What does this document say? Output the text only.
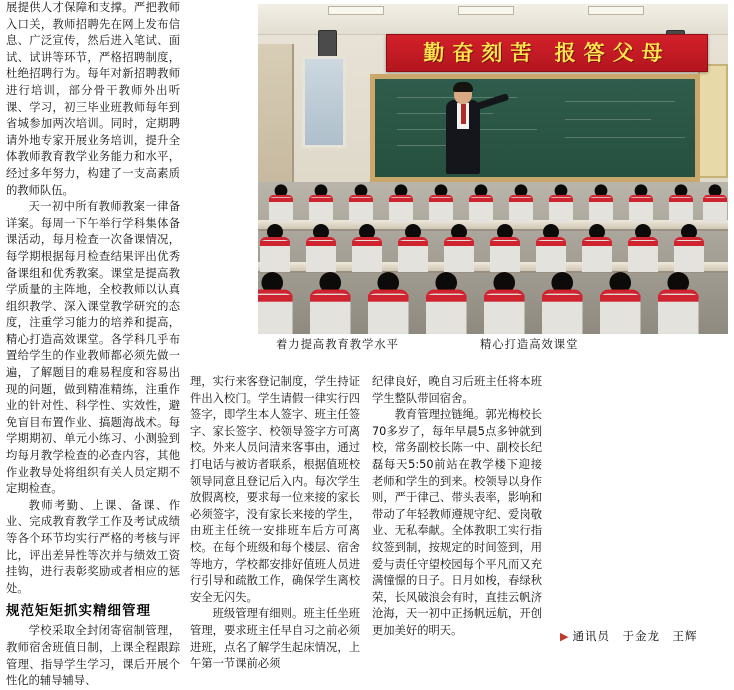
展提供人才保障和支撑。严把教师入口关，教师招聘先在网上发布信息、广泛宣传，然后进入笔试、面试、试讲等环节，严格招聘制度，杜绝招聘行为。每年对新招聘教师进行培训，部分骨干教师外出听课、学习，初三毕业班教师每年到省城参加两次培训。同时，定期聘请外地专家开展业务培训，提升全体教师教育教学业务能力和水平，经过多年努力，构建了一支高素质的教师队伍。
天一初中所有教师教案一律备详案。每周一下午举行学科集体备课活动，每月检查一次备课情况，每学期根据每月检查结果评出优秀备课组和优秀教案。课堂是提高教学质量的主阵地，全校教师以认真组织教学、深入课堂教学研究的态度，注重学习能力的培养和提高，精心打造高效课堂。各学科几乎布置给学生的作业教师都必须先做一遍，了解题目的难易程度和容易出现的问题，做到精准精练，注重作业的针对性、科学性、实效性，避免盲目布置作业、搞题海战术。每学期期初、单元小练习、小测验到均每月教学检查的必查内容，其他作业教导处将组织有关人员定期不定期检查。
教师考勤、上课、备课、作业、完成教育教学工作及考试成绩等各个环节均实行严格的考核与评比，评出差异性等次并与绩效工资挂钩，进行表彰奖励或者相应的惩处。
规范矩矩抓实精细管理
学校采取全封闭寄宿制管理，教师宿舍班值日制，上课全程跟踪管理、指导学生学习，课后开展个性化的辅导辅导、
勤奋刻苦 报答父母
着力提高教育教学水平	精心打造高效课堂
理，实行来客登记制度，学生持证件出入校门。学生请假一律实行四签字，即学生本人签字、班主任签字、家长签字、校领导签字方可离校。外来人员问清来客事由，通过打电话与被访者联系，根据值班校领导同意且登记后入内。每次学生放假离校，要求每一位来接的家长必须签字，没有家长来接的学生，由班主任统一安排班车后方可离校。在每个班级和每个楼层、宿舍等地方，学校都安排好值班人员进行引导和疏散工作，确保学生离校安全无闪失。
班级管理有细则。班主任坐班管理，要求班主任早自习之前必须进班，点名了解学生起床情况，上午第一节课前必须
纪律良好，晚自习后班主任将本班学生整队带回宿舍。
教育管理拉链绳。郭光梅校长70多岁了，每年早晨5点多钟就到校，常务副校长陈一中、副校长纪磊每天5:50前站在教学楼下迎接老师和学生的到来。校领导以身作则，严于律己、带头表率，影响和带动了年轻教师遵规守纪、爱岗敬业、无私奉献。全体教职工实行指纹签到制，按规定的时间签到，用爱与责任守望校园每个平凡而又充满憧憬的日子。日月如梭，春绿秋荣，长风破浪会有时，直挂云帆济沧海，天一初中正扬帆远航，开创更加美好的明天。	▶ 通讯员　于金龙　王辉
